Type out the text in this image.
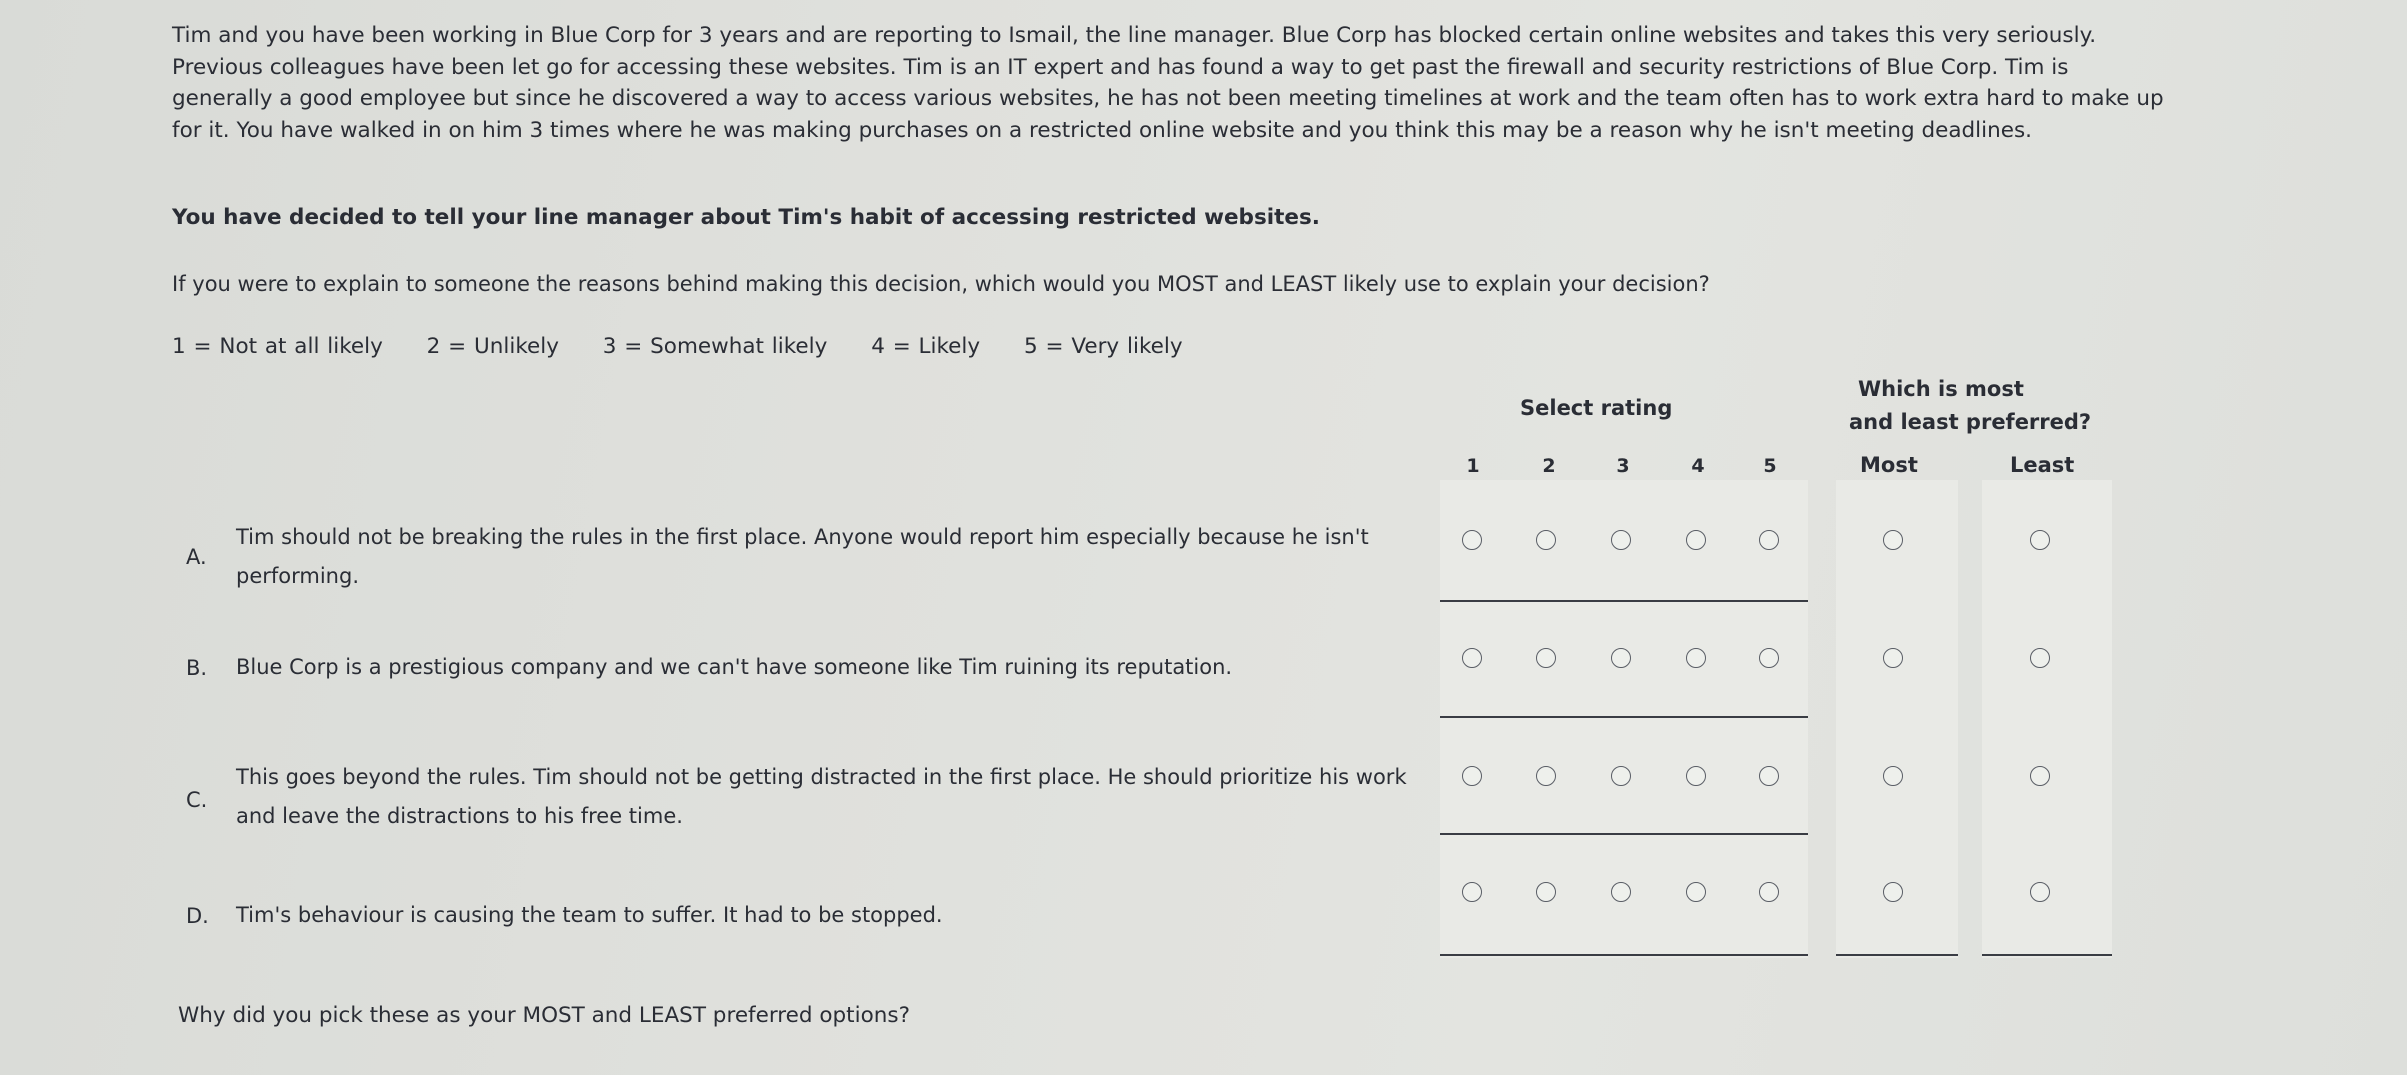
Tim and you have been working in Blue Corp for 3 years and are reporting to Ismail, the line manager. Blue Corp has blocked certain online websites and takes this very seriously.
Previous colleagues have been let go for accessing these websites. Tim is an IT expert and has found a way to get past the firewall and security restrictions of Blue Corp. Tim is
generally a good employee but since he discovered a way to access various websites, he has not been meeting timelines at work and the team often has to work extra hard to make up
for it. You have walked in on him 3 times where he was making purchases on a restricted online website and you think this may be a reason why he isn't meeting deadlines.
You have decided to tell your line manager about Tim's habit of accessing restricted websites.
If you were to explain to someone the reasons behind making this decision, which would you MOST and LEAST likely use to explain your decision?
1 = Not at all likely 2 = Unlikely 3 = Somewhat likely 4 = Likely 5 = Very likely
Select rating
Which is most
and least preferred?
1	2	3	4	5	Most	Least
A.
Tim should not be breaking the rules in the first place. Anyone would report him especially because he isn't
performing.
B. Blue Corp is a prestigious company and we can't have someone like Tim ruining its reputation.
C.
This goes beyond the rules. Tim should not be getting distracted in the first place. He should prioritize his work
and leave the distractions to his free time.
D. Tim's behaviour is causing the team to suffer. It had to be stopped.
Why did you pick these as your MOST and LEAST preferred options?
